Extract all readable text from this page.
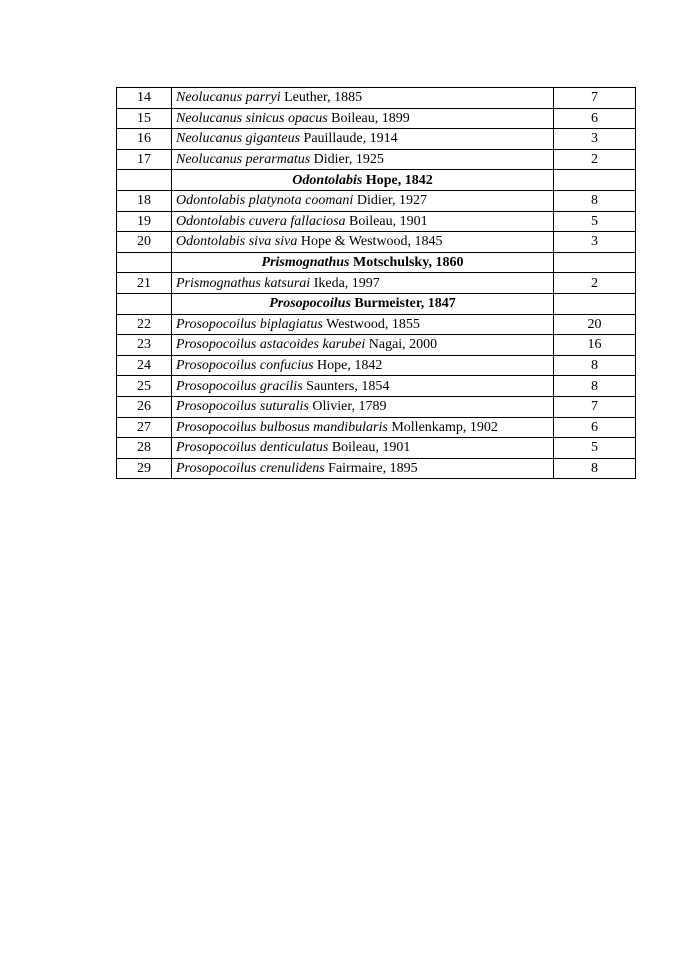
14	Neolucanus parryi Leuther, 1885	7
15	Neolucanus sinicus opacus Boileau, 1899	6
16	Neolucanus giganteus Pauillaude, 1914	3
17	Neolucanus perarmatus Didier, 1925	2
	Odontolabis Hope, 1842	
18	Odontolabis platynota coomani Didier, 1927	8
19	Odontolabis cuvera fallaciosa Boileau, 1901	5
20	Odontolabis siva siva Hope & Westwood, 1845	3
	Prismognathus Motschulsky, 1860	
21	Prismognathus katsurai Ikeda, 1997	2
	Prosopocoilus Burmeister, 1847	
22	Prosopocoilus biplagiatus Westwood, 1855	20
23	Prosopocoilus astacoides karubei Nagai, 2000	16
24	Prosopocoilus confucius Hope, 1842	8
25	Prosopocoilus gracilis Saunters, 1854	8
26	Prosopocoilus suturalis Olivier, 1789	7
27	Prosopocoilus bulbosus mandibularis Mollenkamp, 1902	6
28	Prosopocoilus denticulatus Boileau, 1901	5
29	Prosopocoilus crenulidens Fairmaire, 1895	8
